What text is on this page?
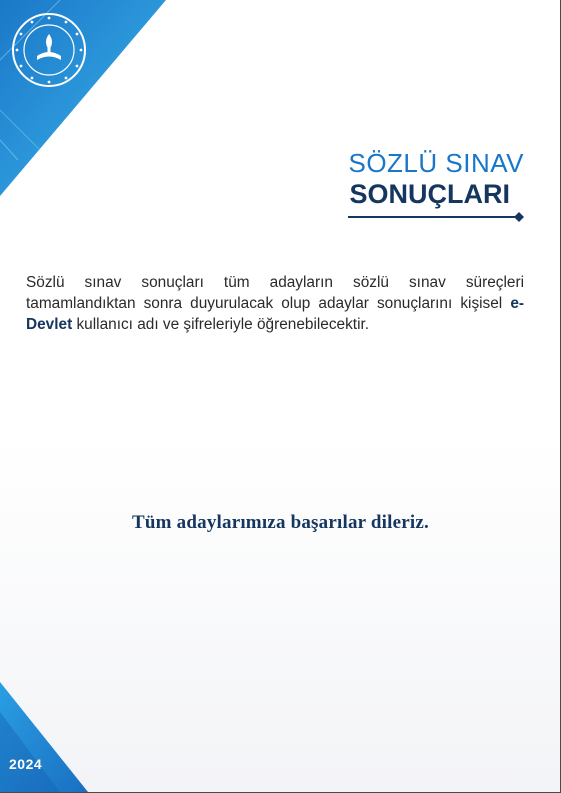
SÖZLÜ SINAV
SONUÇLARI
Sözlü sınav sonuçları tüm adayların sözlü sınav süreçleri tamamlandıktan sonra duyurulacak olup adaylar sonuçlarını kişisel e-Devlet kullanıcı adı ve şifreleriyle öğrenebilecektir.
Tüm adaylarımıza başarılar dileriz.
2024
